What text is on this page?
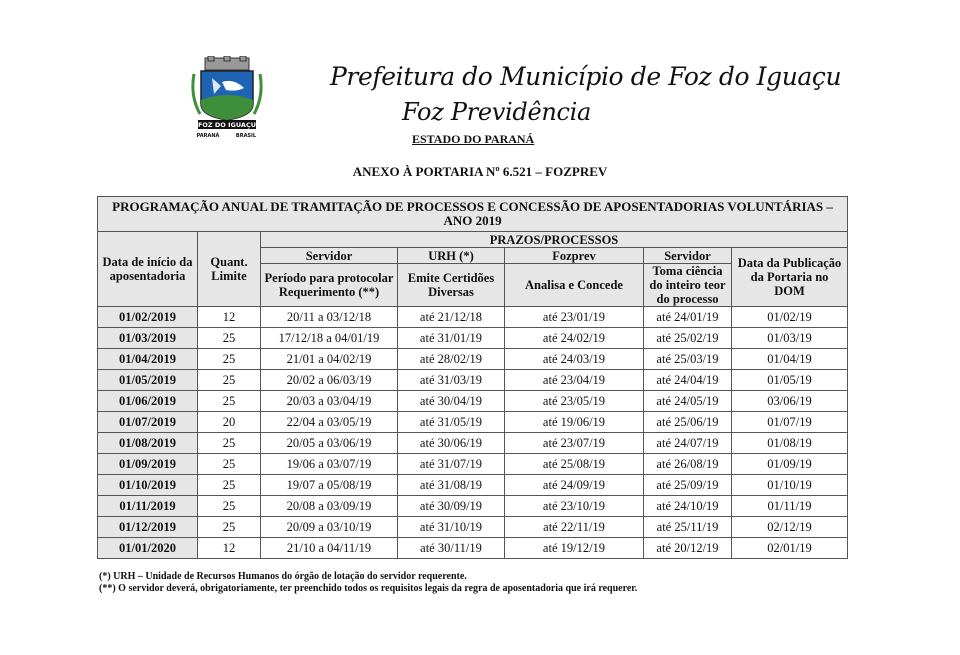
FOZ DO IGUAÇU
PARANÁ	BRASIL
Prefeitura do Município de Foz do Iguaçu
Foz Previdência
ESTADO DO PARANÁ
ANEXO À PORTARIA Nº 6.521 – FOZPREV
PROGRAMAÇÃO ANUAL DE TRAMITAÇÃO DE PROCESSOS E CONCESSÃO DE APOSENTADORIAS VOLUNTÁRIAS – ANO 2019						
Data de início da aposentadoria	Quant. Limite	PRAZOS/PROCESSOS				
		Servidor	URH (*)	Fozprev	Servidor	Data da Publicação da Portaria no DOM
		Período para protocolar Requerimento (**)	Emite Certidões Diversas	Analisa e Concede	Toma ciência do inteiro teor do processo	
01/02/2019	12	20/11 a 03/12/18	até 21/12/18	até 23/01/19	até 24/01/19	01/02/19
01/03/2019	25	17/12/18 a 04/01/19	até 31/01/19	até 24/02/19	até 25/02/19	01/03/19
01/04/2019	25	21/01 a 04/02/19	até 28/02/19	até 24/03/19	até 25/03/19	01/04/19
01/05/2019	25	20/02 a 06/03/19	até 31/03/19	até 23/04/19	até 24/04/19	01/05/19
01/06/2019	25	20/03 a 03/04/19	até 30/04/19	até 23/05/19	até 24/05/19	03/06/19
01/07/2019	20	22/04 a 03/05/19	até 31/05/19	até 19/06/19	até 25/06/19	01/07/19
01/08/2019	25	20/05 a 03/06/19	até 30/06/19	até 23/07/19	até 24/07/19	01/08/19
01/09/2019	25	19/06 a 03/07/19	até 31/07/19	até 25/08/19	até 26/08/19	01/09/19
01/10/2019	25	19/07 a 05/08/19	até 31/08/19	até 24/09/19	até 25/09/19	01/10/19
01/11/2019	25	20/08 a 03/09/19	até 30/09/19	até 23/10/19	até 24/10/19	01/11/19
01/12/2019	25	20/09 a 03/10/19	até 31/10/19	até 22/11/19	até 25/11/19	02/12/19
01/01/2020	12	21/10 a 04/11/19	até 30/11/19	até 19/12/19	até 20/12/19	02/01/19
(*) URH – Unidade de Recursos Humanos do órgão de lotação do servidor requerente.
(**) O servidor deverá, obrigatoriamente, ter preenchido todos os requisitos legais da regra de aposentadoria que irá requerer.
